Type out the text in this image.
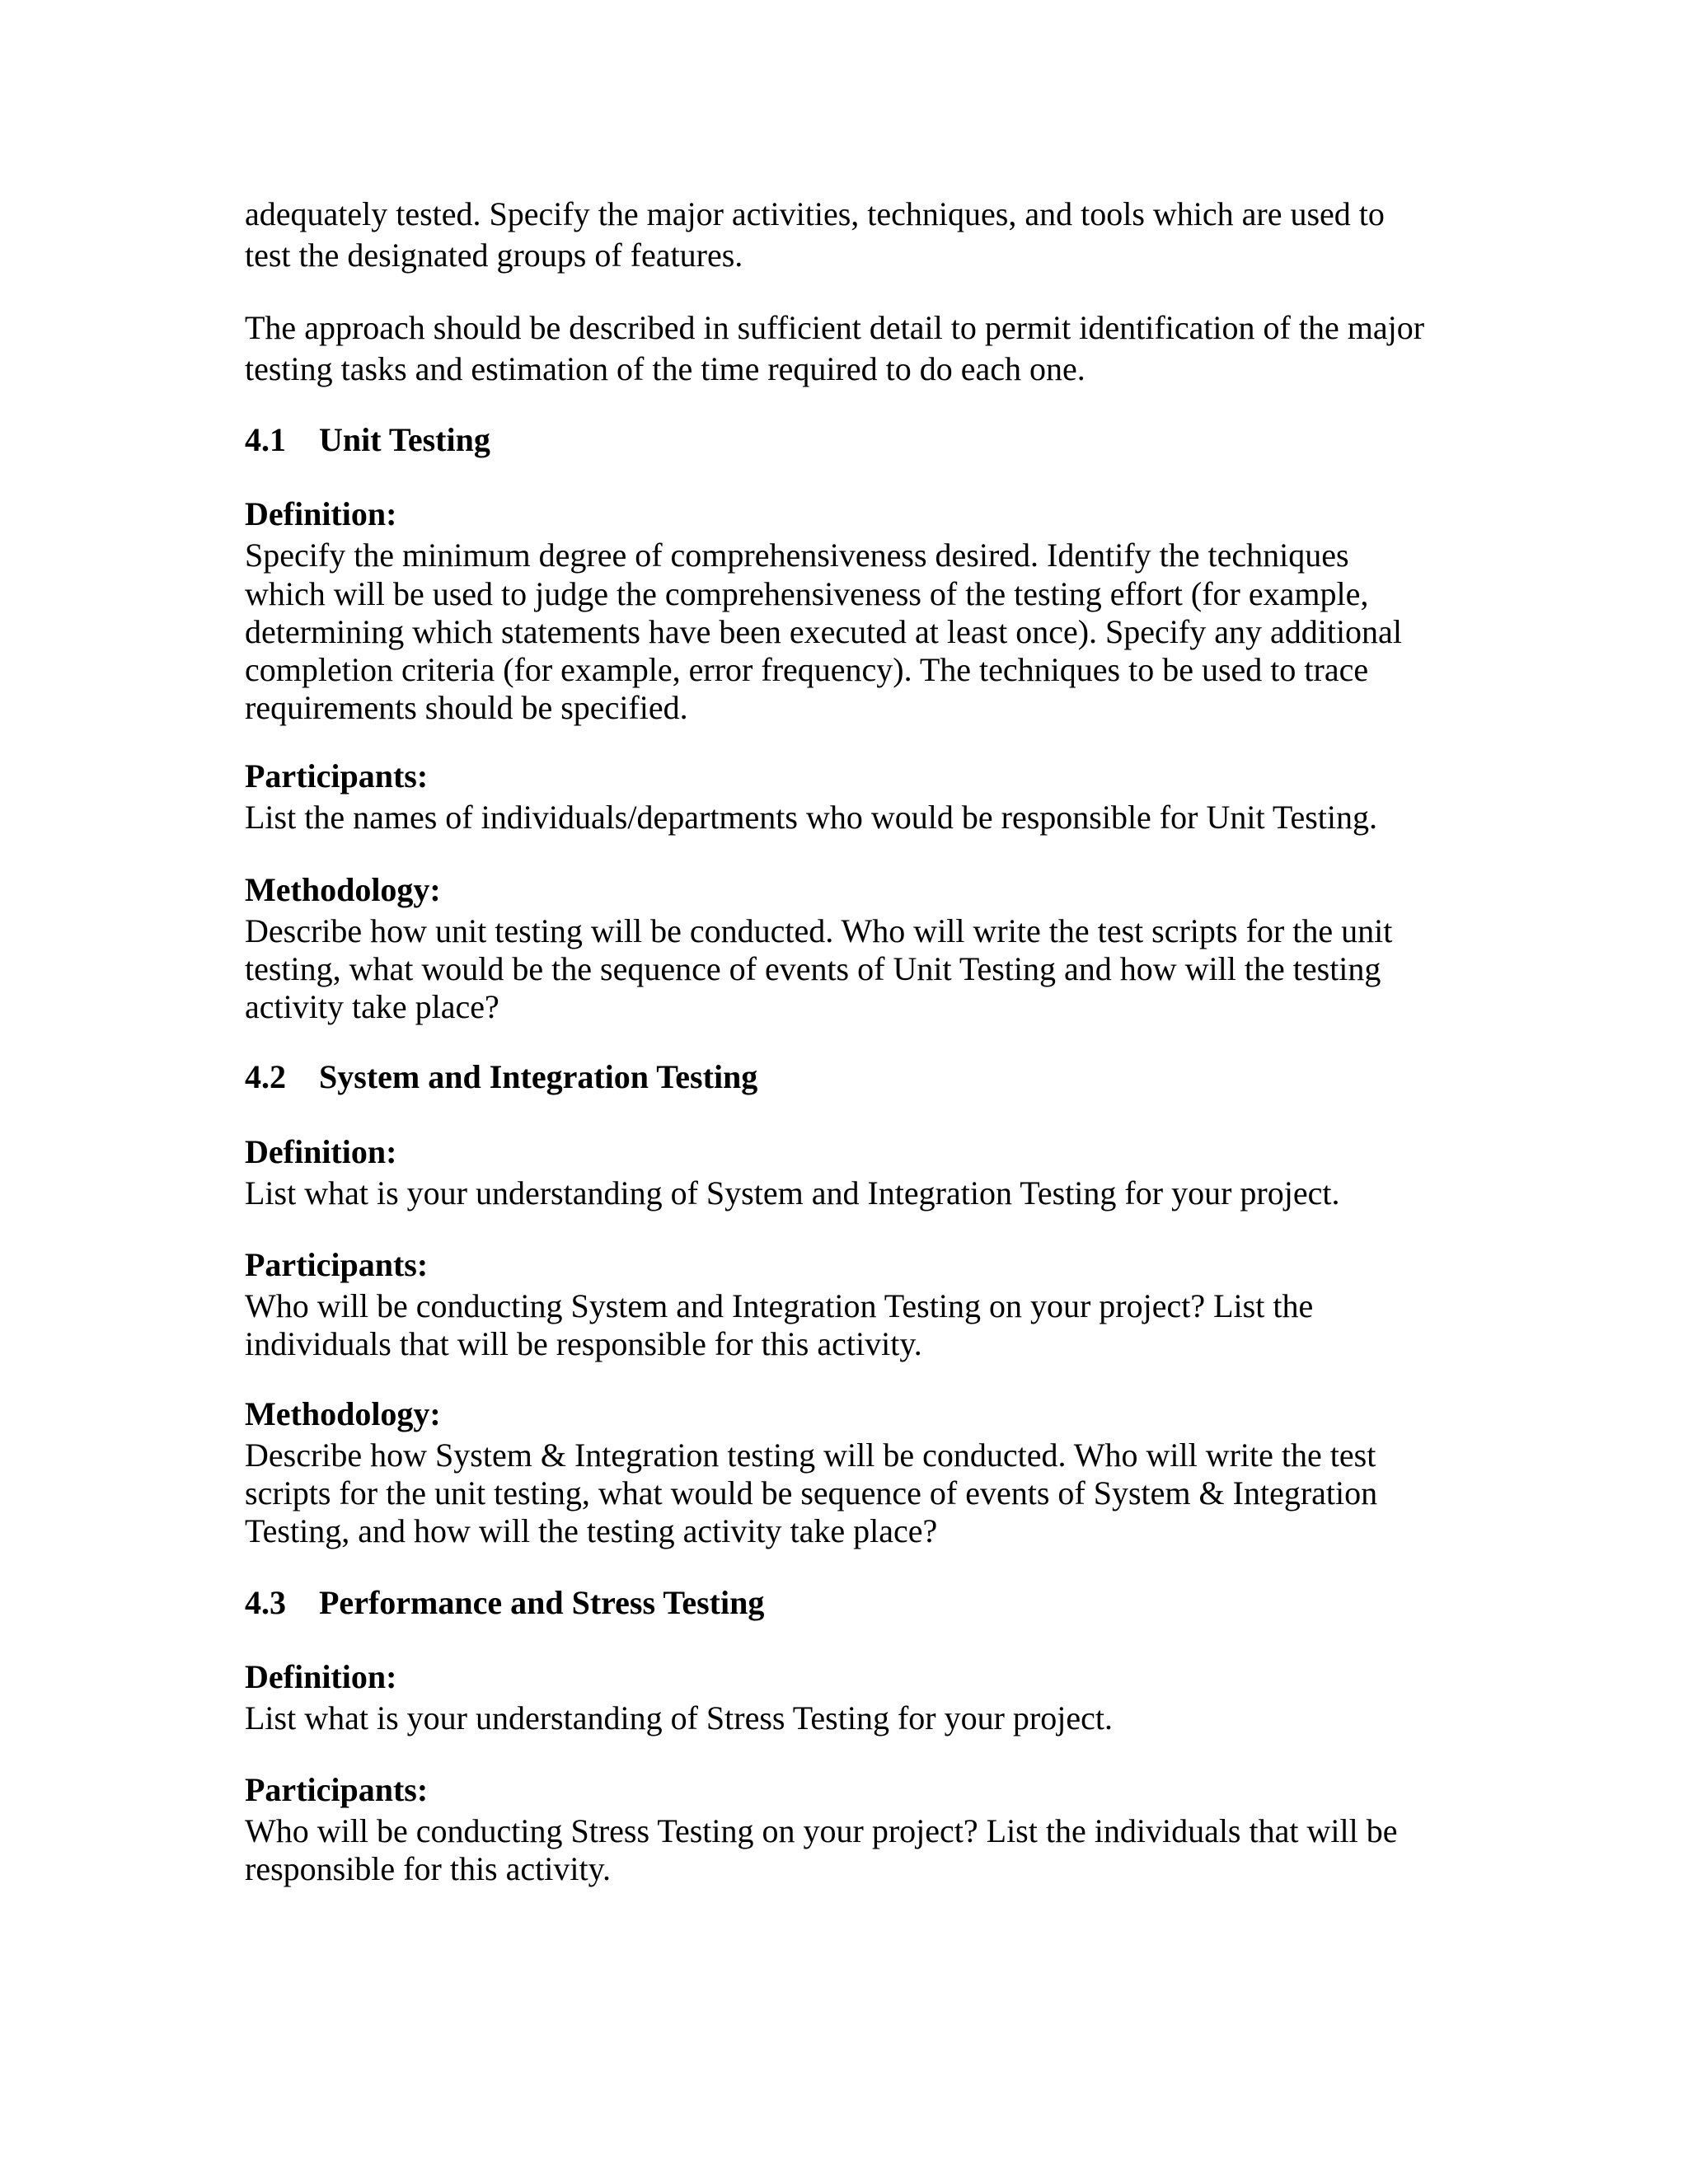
adequately tested. Specify the major activities, techniques, and tools which are used to

test the designated groups of features.

The approach should be described in sufficient detail to permit identification of the major

testing tasks and estimation of the time required to do each one.

4.1 Unit Testing

Definition:

Specify the minimum degree of comprehensiveness desired. Identify the techniques

which will be used to judge the comprehensiveness of the testing effort (for example,

determining which statements have been executed at least once). Specify any additional

completion criteria (for example, error frequency). The techniques to be used to trace

requirements should be specified.

Participants:

List the names of individuals/departments who would be responsible for Unit Testing.

Methodology:

Describe how unit testing will be conducted. Who will write the test scripts for the unit

testing, what would be the sequence of events of Unit Testing and how will the testing

activity take place?

4.2 System and Integration Testing

Definition:

List what is your understanding of System and Integration Testing for your project.

Participants:

Who will be conducting System and Integration Testing on your project? List the

individuals that will be responsible for this activity.

Methodology:

Describe how System & Integration testing will be conducted. Who will write the test

scripts for the unit testing, what would be sequence of events of System & Integration

Testing, and how will the testing activity take place?

4.3 Performance and Stress Testing

Definition:

List what is your understanding of Stress Testing for your project.

Participants:

Who will be conducting Stress Testing on your project? List the individuals that will be

responsible for this activity.
